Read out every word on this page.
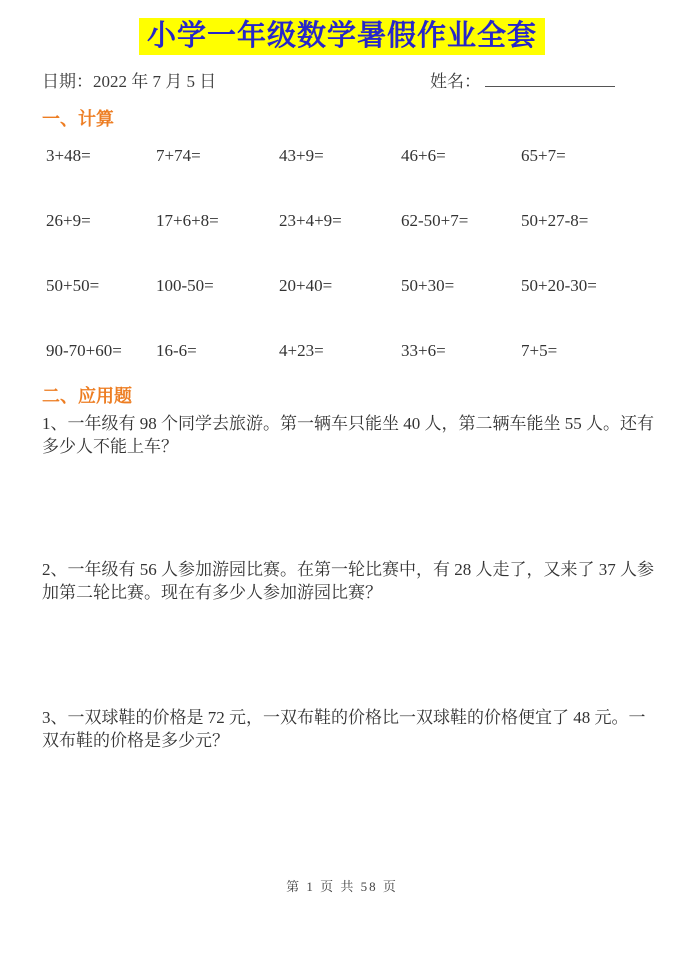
小学一年级数学暑假作业全套
日期：2022 年 7 月 5 日	姓名：
一、计算
3+48=	7+74=	43+9=	46+6=	65+7=
26+9=	17+6+8=	23+4+9=	62-50+7=	50+27-8=
50+50=	100-50=	20+40=	50+30=	50+20-30=
90-70+60=	16-6=	4+23=	33+6=	7+5=
二、应用题

1、一年级有 98 个同学去旅游。第一辆车只能坐 40 人，第二辆车能坐 55 人。还有多少人不能上车？

2、一年级有 56 人参加游园比赛。在第一轮比赛中，有 28 人走了，又来了 37 人参加第二轮比赛。现在有多少人参加游园比赛？

3、一双球鞋的价格是 72 元，一双布鞋的价格比一双球鞋的价格便宜了 48 元。一双布鞋的价格是多少元？

第 1 页 共 58 页
